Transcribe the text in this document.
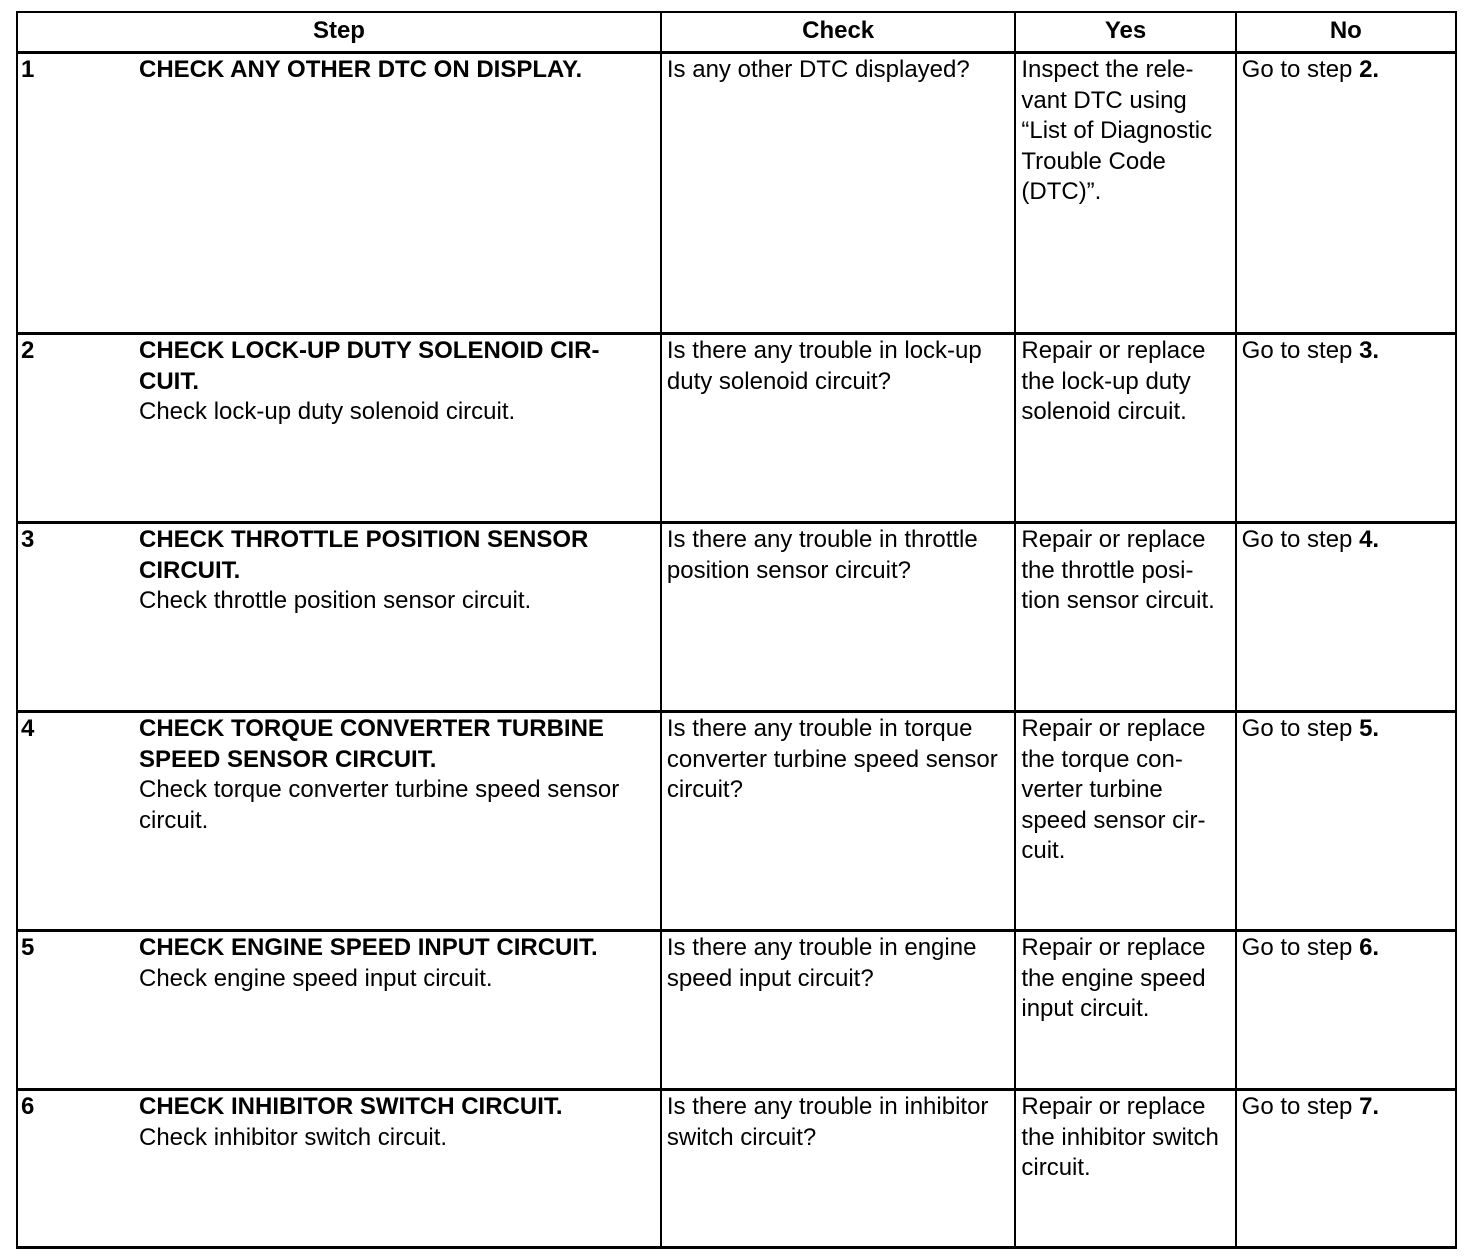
Step	Check	Yes	No

1 CHECK ANY OTHER DTC ON DISPLAY.	Is any other DTC displayed?	Inspect the rele-
vant DTC using
“List of Diagnostic
Trouble Code
(DTC)”.	Go to step 2.

2 CHECK LOCK-UP DUTY SOLENOID CIR-
CUIT.
Check lock-up duty solenoid circuit.	Is there any trouble in lock-up
duty solenoid circuit?	Repair or replace
the lock-up duty
solenoid circuit.	Go to step 3.

3 CHECK THROTTLE POSITION SENSOR
CIRCUIT.
Check throttle position sensor circuit.	Is there any trouble in throttle
position sensor circuit?	Repair or replace
the throttle posi-
tion sensor circuit.	Go to step 4.

4 CHECK TORQUE CONVERTER TURBINE
SPEED SENSOR CIRCUIT.
Check torque converter turbine speed sensor
circuit.	Is there any trouble in torque
converter turbine speed sensor
circuit?	Repair or replace
the torque con-
verter turbine
speed sensor cir-
cuit.	Go to step 5.

5 CHECK ENGINE SPEED INPUT CIRCUIT.
Check engine speed input circuit.	Is there any trouble in engine
speed input circuit?	Repair or replace
the engine speed
input circuit.	Go to step 6.

6 CHECK INHIBITOR SWITCH CIRCUIT.
Check inhibitor switch circuit.	Is there any trouble in inhibitor
switch circuit?	Repair or replace
the inhibitor switch
circuit.	Go to step 7.
